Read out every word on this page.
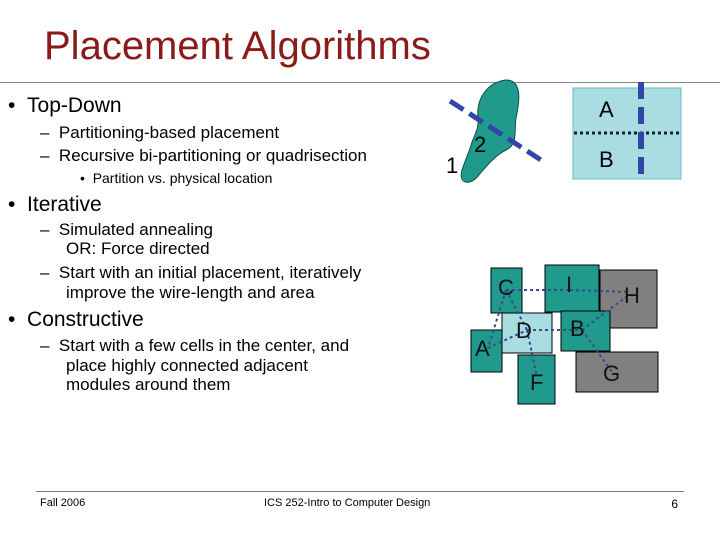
Placement Algorithms
• Top-Down
– Partitioning-based placement
– Recursive bi-partitioning or quadrisection
• Partition vs. physical location
• Iterative
– Simulated annealing
OR: Force directed
– Start with an initial placement, iteratively
improve the wire-length and area
• Constructive
– Start with a few cells in the center, and
place highly connected adjacent
modules around them
1
2
A
B
C I H
A
D B
F	G
Fall 2006	ICS 252-Intro to Computer Design	6
